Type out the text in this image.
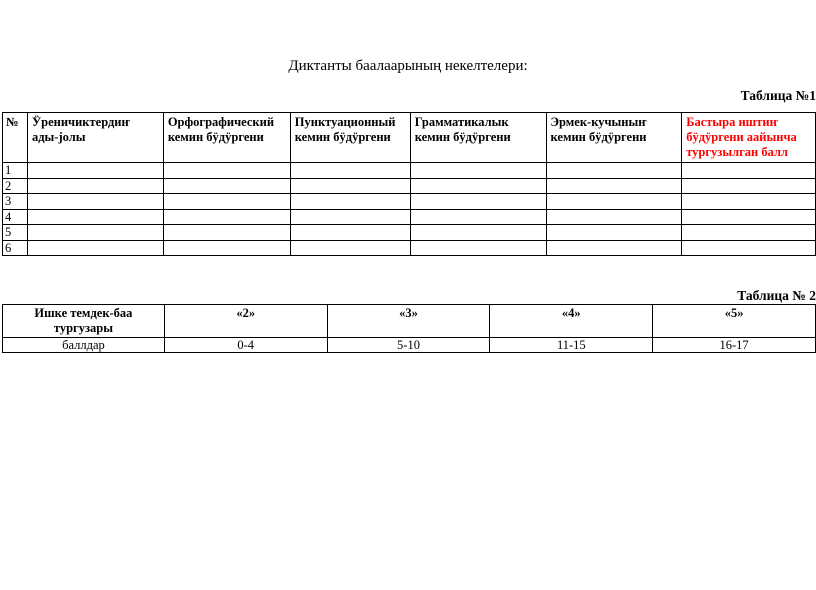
Диктанты баалаарының некелтелери:
Таблица №1
№	Ӱреничиктердиҥ ады-јолы	Орфографический кемин бӱдӱргени	Пунктуационный кемин бӱдӱргени	Грамматикалык кемин бӱдӱргени	Эрмек-кучыныҥ кемин бӱдӱргени	Бастыра иштиҥ бӱдӱргени аайынча тургузылган балл
1						
2						
3						
4						
5						
6						
Таблица № 2
Ишке темдек-баа тургузары	«2»	«3»	«4»	«5»
баллдар	0-4	5-10	11-15	16-17
